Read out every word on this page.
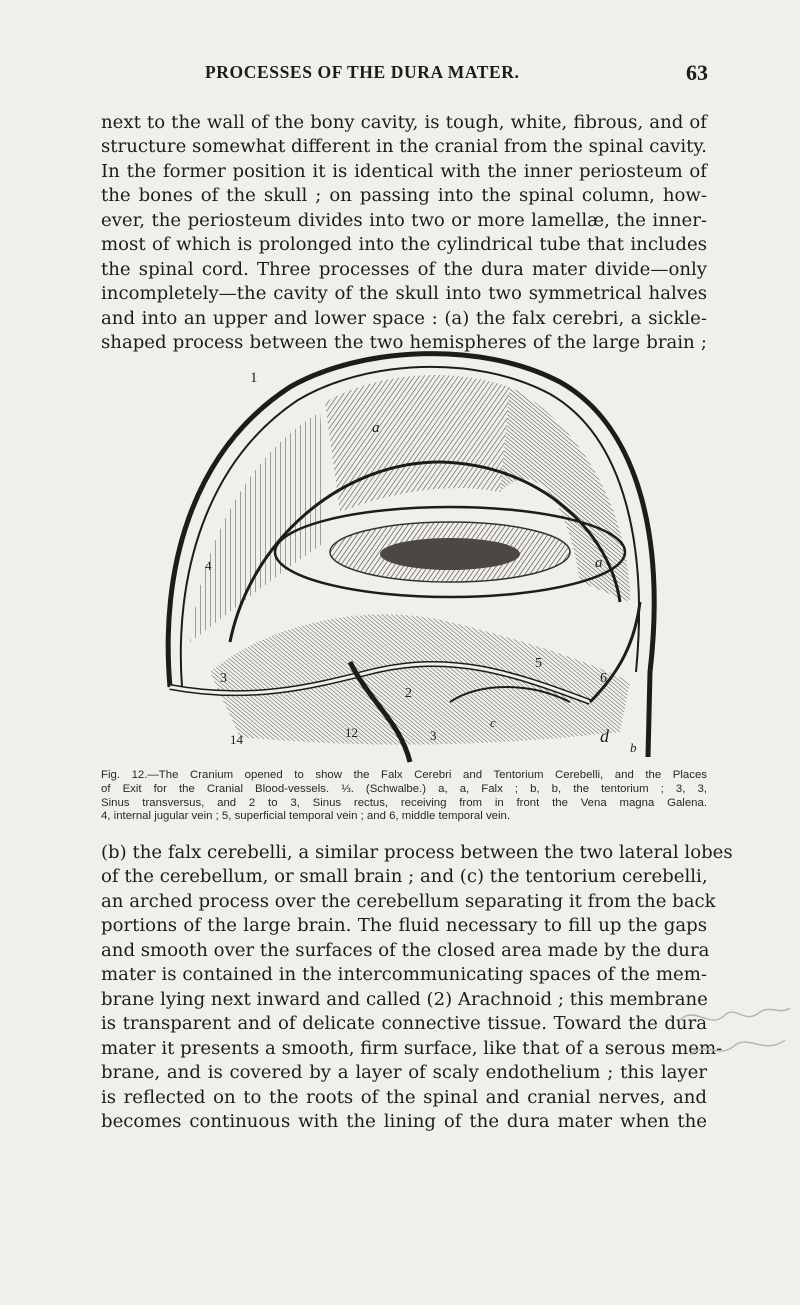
PROCESSES OF THE DURA MATER.	63
next to the wall of the bony cavity, is tough, white, fibrous, and of
structure somewhat different in the cranial from the spinal cavity.
In the former position it is identical with the inner periosteum of
the bones of the skull ; on passing into the spinal column, how-
ever, the periosteum divides into two or more lamellæ, the inner-
most of which is prolonged into the cylindrical tube that includes
the spinal cord. Three processes of the dura mater divide—only
incompletely—the cavity of the skull into two symmetrical halves
and into an upper and lower space : (a) the falx cerebri, a sickle-
shaped process between the two hemispheres of the large brain ;
1
a
a
4
3
2
5
6
c
d
b
14	12	3
Fig. 12.—The Cranium opened to show the Falx Cerebri and Tentorium Cerebelli, and the Places
of Exit for the Cranial Blood-vessels. ⅓. (Schwalbe.) a, a, Falx ; b, b, the tentorium ; 3, 3,
Sinus transversus, and 2 to 3, Sinus rectus, receiving from in front the Vena magna Galena.
4, internal jugular vein ; 5, superficial temporal vein ; and 6, middle temporal vein.
(b) the falx cerebelli, a similar process between the two lateral lobes
of the cerebellum, or small brain ; and (c) the tentorium cerebelli,
an arched process over the cerebellum separating it from the back
portions of the large brain. The fluid necessary to fill up the gaps
and smooth over the surfaces of the closed area made by the dura
mater is contained in the intercommunicating spaces of the mem-
brane lying next inward and called (2) Arachnoid ; this membrane
is transparent and of delicate connective tissue. Toward the dura
mater it presents a smooth, firm surface, like that of a serous mem-
brane, and is covered by a layer of scaly endothelium ; this layer
is reflected on to the roots of the spinal and cranial nerves, and
becomes continuous with the lining of the dura mater when the
